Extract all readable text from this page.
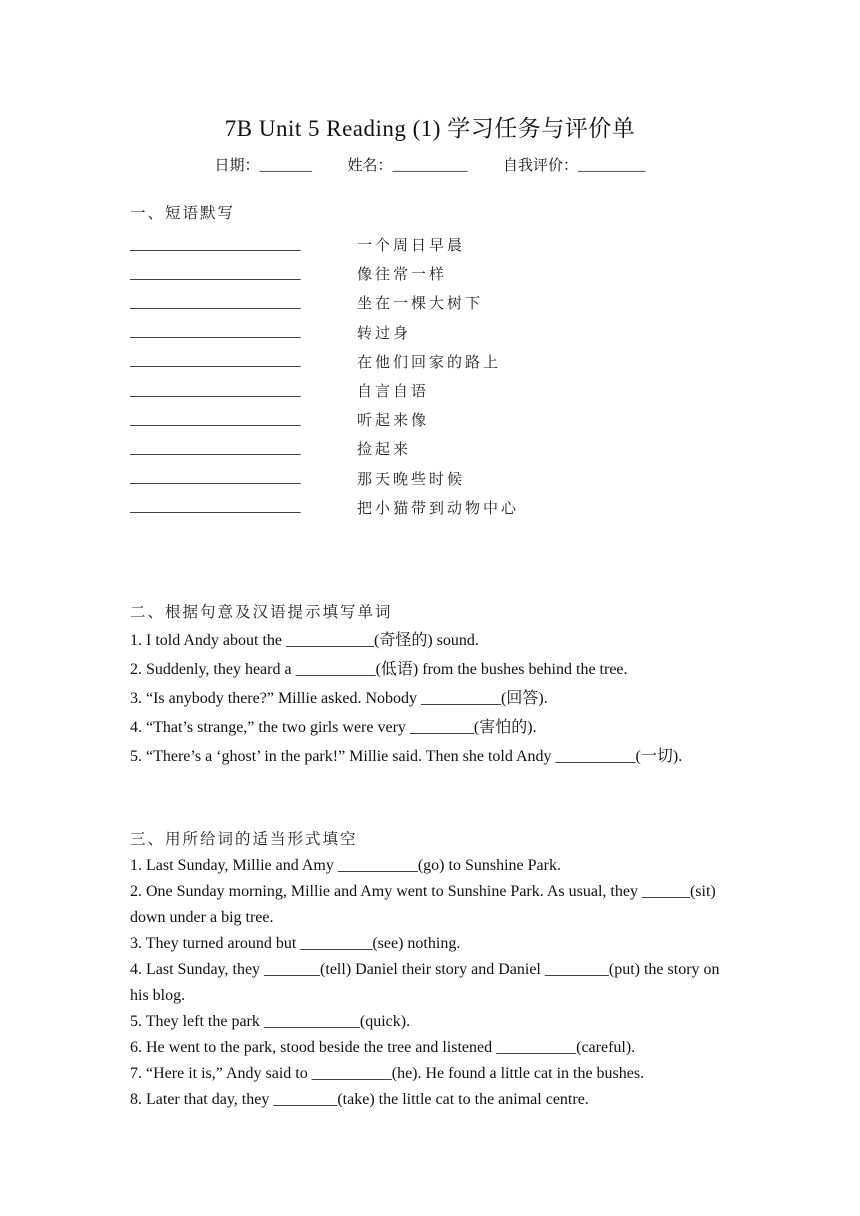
7B Unit 5 Reading (1) 学习任务与评价单
日期：_______ 姓名：__________ 自我评价：_________
一、短语默写
______________________	一个周日早晨
______________________	像往常一样
______________________	坐在一棵大树下
______________________	转过身
______________________	在他们回家的路上
______________________	自言自语
______________________	听起来像
______________________	捡起来
______________________	那天晚些时候
______________________	把小猫带到动物中心
二、根据句意及汉语提示填写单词
1. I told Andy about the ___________(奇怪的) sound.
2. Suddenly, they heard a __________(低语) from the bushes behind the tree.
3. “Is anybody there?” Millie asked. Nobody __________(回答).
4. “That’s strange,” the two girls were very ________(害怕的).
5. “There’s a ‘ghost’ in the park!” Millie said. Then she told Andy __________(一切).
三、用所给词的适当形式填空
1. Last Sunday, Millie and Amy __________(go) to Sunshine Park.
2. One Sunday morning, Millie and Amy went to Sunshine Park. As usual, they ______(sit) down under a big tree.
3. They turned around but _________(see) nothing.
4. Last Sunday, they _______(tell) Daniel their story and Daniel ________(put) the story on his blog.
5. They left the park ____________(quick).
6. He went to the park, stood beside the tree and listened __________(careful).
7. “Here it is,” Andy said to __________(he). He found a little cat in the bushes.
8. Later that day, they ________(take) the little cat to the animal centre.
